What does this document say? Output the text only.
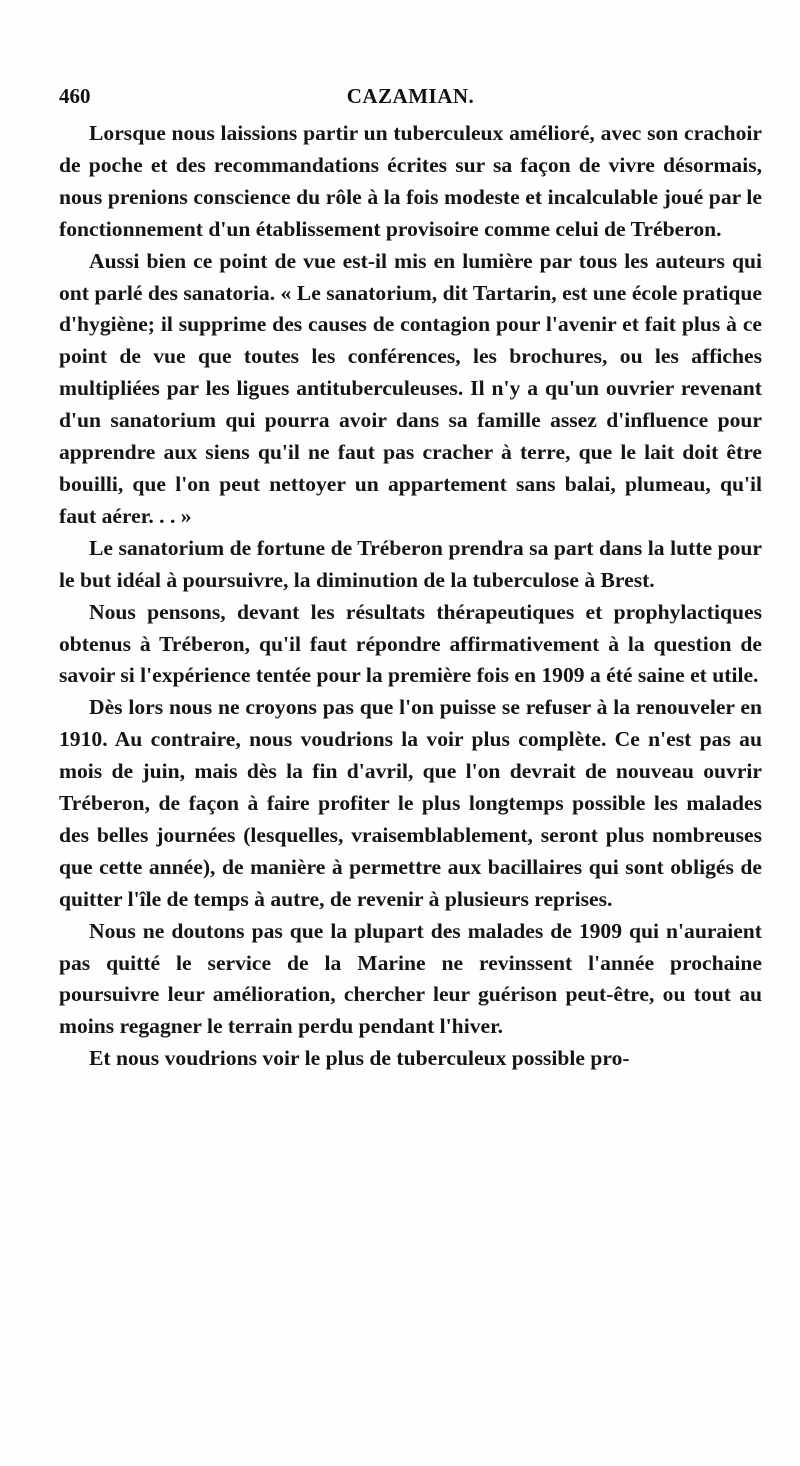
460	CAZAMIAN.

Lorsque nous laissions partir un tuberculeux amélioré, avec son crachoir de poche et des recommandations écrites sur sa façon de vivre désormais, nous prenions conscience du rôle à la fois modeste et incalculable joué par le fonctionnement d'un établissement provisoire comme celui de Tréberon.

Aussi bien ce point de vue est-il mis en lumière par tous les auteurs qui ont parlé des sanatoria. « Le sanatorium, dit Tartarin, est une école pratique d'hygiène; il supprime des causes de contagion pour l'avenir et fait plus à ce point de vue que toutes les conférences, les brochures, ou les affiches multipliées par les ligues antituberculeuses. Il n'y a qu'un ouvrier revenant d'un sanatorium qui pourra avoir dans sa famille assez d'influence pour apprendre aux siens qu'il ne faut pas cracher à terre, que le lait doit être bouilli, que l'on peut nettoyer un appartement sans balai, plumeau, qu'il faut aérer. . . »

Le sanatorium de fortune de Tréberon prendra sa part dans la lutte pour le but idéal à poursuivre, la diminution de la tuberculose à Brest.

Nous pensons, devant les résultats thérapeutiques et prophylactiques obtenus à Tréberon, qu'il faut répondre affirmativement à la question de savoir si l'expérience tentée pour la première fois en 1909 a été saine et utile.

Dès lors nous ne croyons pas que l'on puisse se refuser à la renouveler en 1910. Au contraire, nous voudrions la voir plus complète. Ce n'est pas au mois de juin, mais dès la fin d'avril, que l'on devrait de nouveau ouvrir Tréberon, de façon à faire profiter le plus longtemps possible les malades des belles journées (lesquelles, vraisemblablement, seront plus nombreuses que cette année), de manière à permettre aux bacillaires qui sont obligés de quitter l'île de temps à autre, de revenir à plusieurs reprises.

Nous ne doutons pas que la plupart des malades de 1909 qui n'auraient pas quitté le service de la Marine ne revinssent l'année prochaine poursuivre leur amélioration, chercher leur guérison peut-être, ou tout au moins regagner le terrain perdu pendant l'hiver.

Et nous voudrions voir le plus de tuberculeux possible pro-
